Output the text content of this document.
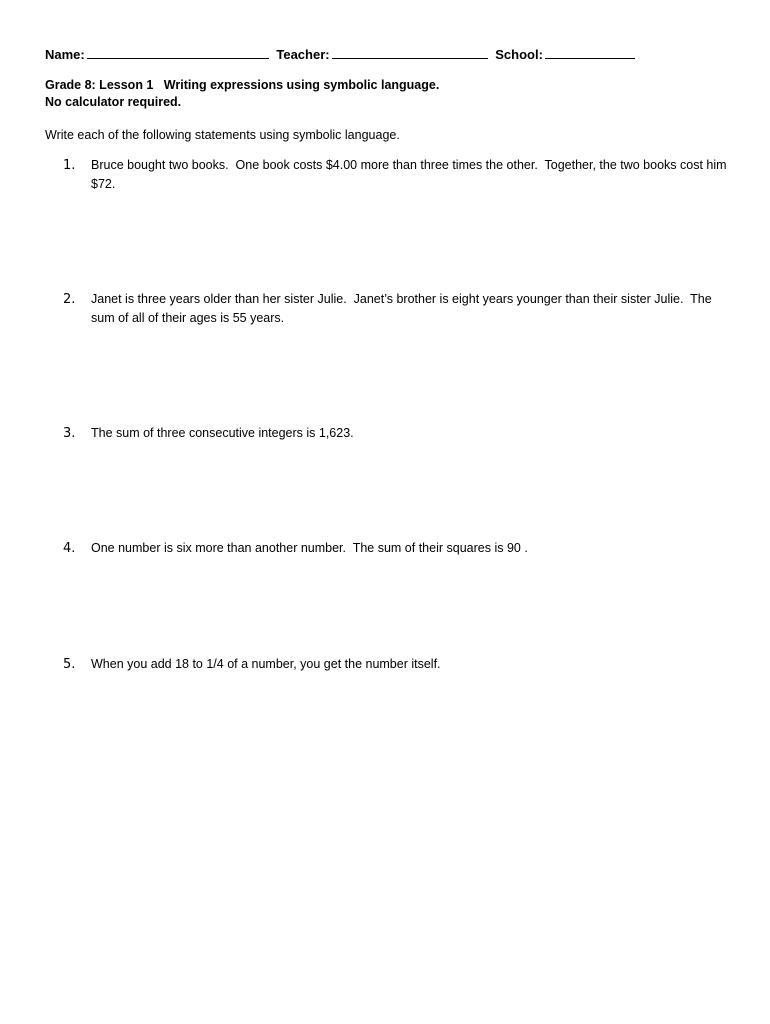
Name:	Teacher:	School:
Grade 8: Lesson 1   Writing expressions using symbolic language.
No calculator required.
Write each of the following statements using symbolic language.
1. Bruce bought two books.  One book costs $4.00 more than three times the other.  Together, the two books cost him $72.
2. Janet is three years older than her sister Julie.  Janet’s brother is eight years younger than their sister Julie.  The sum of all of their ages is 55 years.
3. The sum of three consecutive integers is 1,623.
4. One number is six more than another number.  The sum of their squares is 90 .
5. When you add 18 to 1/4 of a number, you get the number itself.
